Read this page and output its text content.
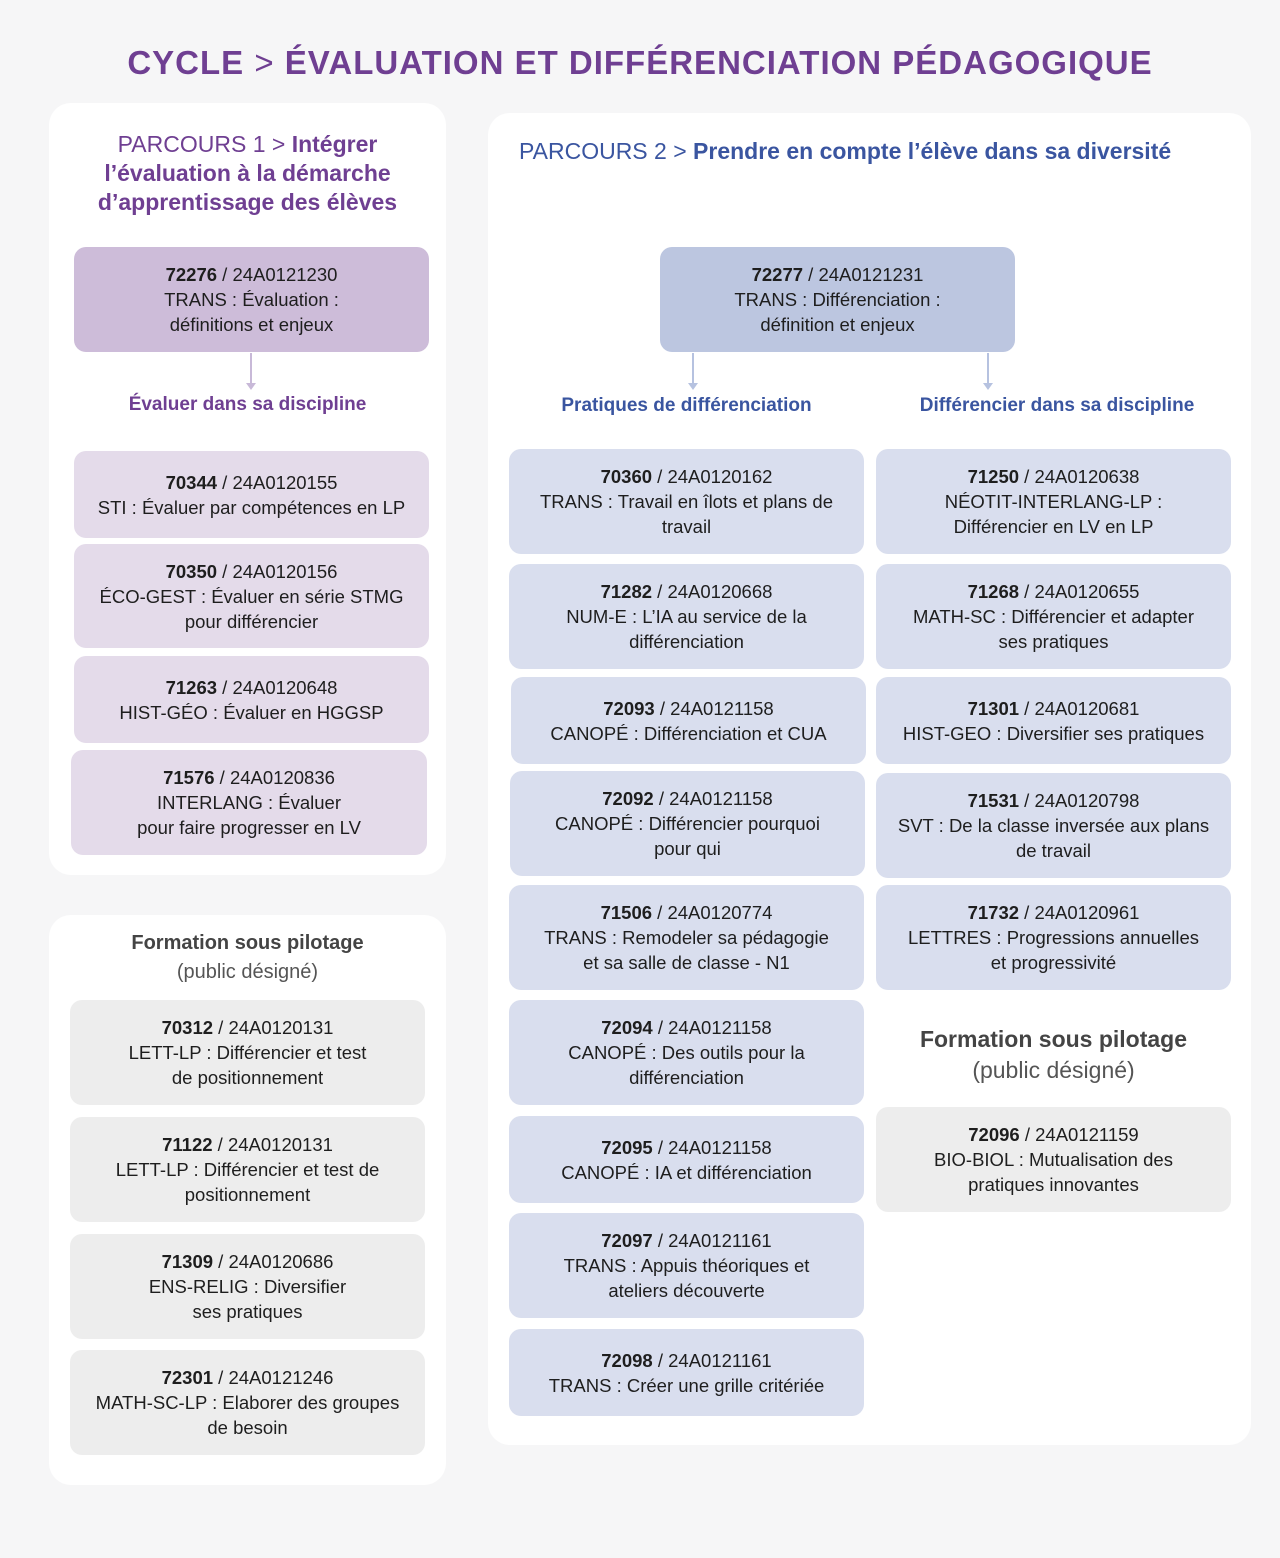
CYCLE > ÉVALUATION ET DIFFÉRENCIATION PÉDAGOGIQUE
PARCOURS 1 > Intégrer
l’évaluation à la démarche
d’apprentissage des élèves
72276 / 24A0121230
TRANS : Évaluation :
définitions et enjeux
Évaluer dans sa discipline
70344 / 24A0120155
STI : Évaluer par compétences en LP
70350 / 24A0120156
ÉCO-GEST : Évaluer en série STMG
pour différencier
71263 / 24A0120648
HIST-GÉO : Évaluer en HGGSP
71576 / 24A0120836
INTERLANG : Évaluer
pour faire progresser en LV
Formation sous pilotage
(public désigné)
70312 / 24A0120131
LETT-LP : Différencier et test
de positionnement
71122 / 24A0120131
LETT-LP : Différencier et test de
positionnement
71309 / 24A0120686
ENS-RELIG : Diversifier
ses pratiques
72301 / 24A0121246
MATH-SC-LP : Elaborer des groupes
de besoin
PARCOURS 2 > Prendre en compte l’élève dans sa diversité
72277 / 24A0121231
TRANS : Différenciation :
définition et enjeux
Pratiques de différenciation	Différencier dans sa discipline
70360 / 24A0120162
TRANS : Travail en îlots et plans de
travail
71282 / 24A0120668
NUM-E : L’IA au service de la
différenciation
72093 / 24A0121158
CANOPÉ : Différenciation et CUA
72092 / 24A0121158
CANOPÉ : Différencier pourquoi
pour qui
71506 / 24A0120774
TRANS : Remodeler sa pédagogie
et sa salle de classe - N1
72094 / 24A0121158
CANOPÉ : Des outils pour la
différenciation
72095 / 24A0121158
CANOPÉ : IA et différenciation
72097 / 24A0121161
TRANS : Appuis théoriques et
ateliers découverte
72098 / 24A0121161
TRANS : Créer une grille critériée
71250 / 24A0120638
NÉOTIT-INTERLANG-LP :
Différencier en LV en LP
71268 / 24A0120655
MATH-SC : Différencier et adapter
ses pratiques
71301 / 24A0120681
HIST-GEO : Diversifier ses pratiques
71531 / 24A0120798
SVT : De la classe inversée aux plans
de travail
71732 / 24A0120961
LETTRES : Progressions annuelles
et progressivité
Formation sous pilotage
(public désigné)
72096 / 24A0121159
BIO-BIOL : Mutualisation des
pratiques innovantes
